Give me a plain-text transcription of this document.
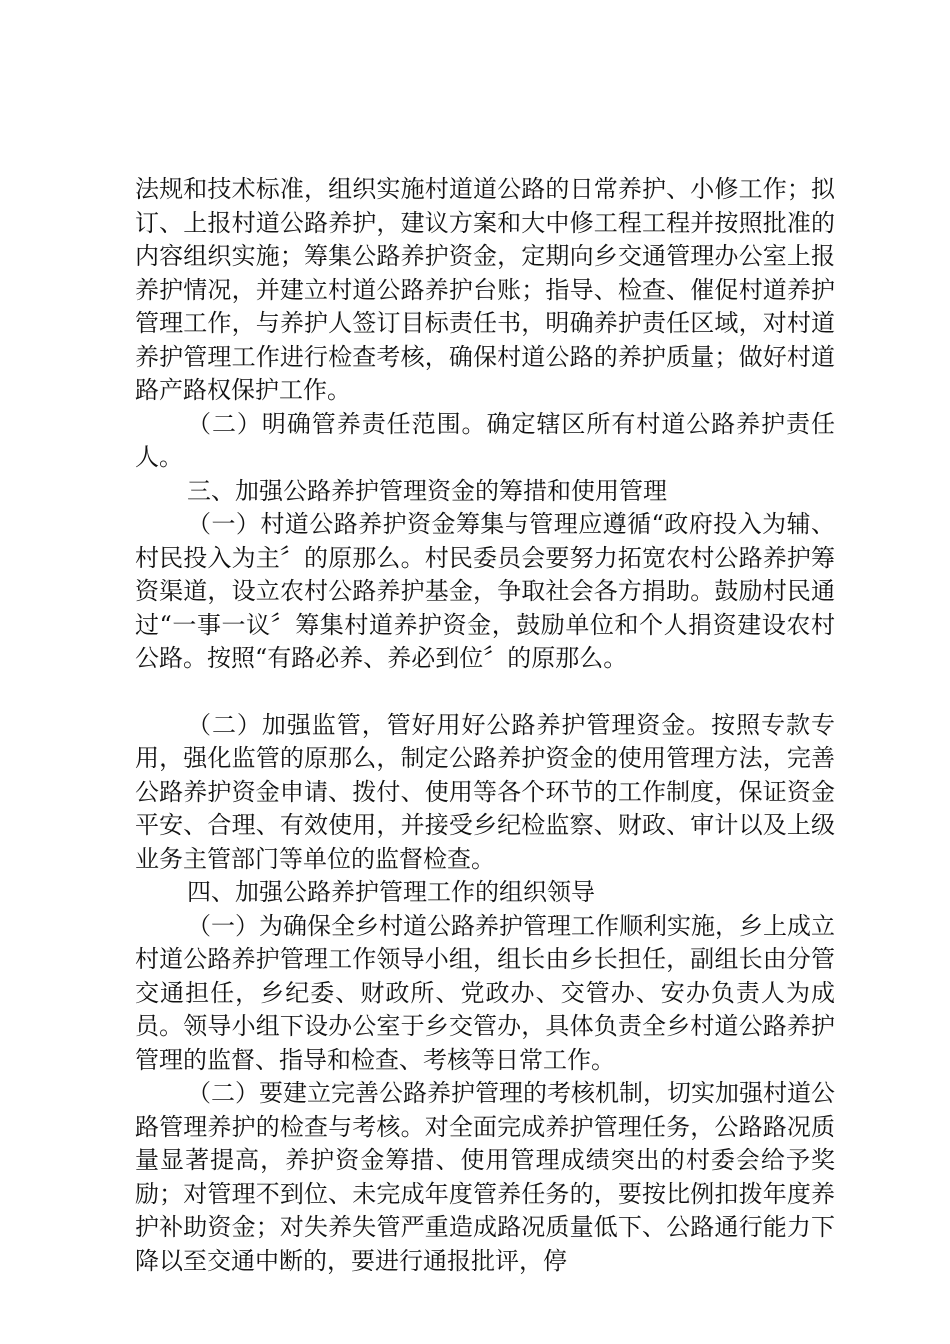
法规和技术标准，组织实施村道道公路的日常养护、小修工作；拟订、上报村道公路养护，建议方案和大中修工程工程并按照批准的内容组织实施；筹集公路养护资金，定期向乡交通管理办公室上报养护情况，并建立村道公路养护台账；指导、检查、催促村道养护管理工作，与养护人签订目标责任书，明确养护责任区域，对村道养护管理工作进行检查考核，确保村道公路的养护质量；做好村道路产路权保护工作。

（二）明确管养责任范围。确定辖区所有村道公路养护责任人。

三、加强公路养护管理资金的筹措和使用管理

（一）村道公路养护资金筹集与管理应遵循“政府投入为辅、村民投入为主〞的原那么。村民委员会要努力拓宽农村公路养护筹资渠道，设立农村公路养护基金，争取社会各方捐助。鼓励村民通过“一事一议〞筹集村道养护资金，鼓励单位和个人捐资建设农村公路。按照“有路必养、养必到位〞的原那么。

（二）加强监管，管好用好公路养护管理资金。按照专款专用，强化监管的原那么，制定公路养护资金的使用管理方法，完善公路养护资金申请、拨付、使用等各个环节的工作制度，保证资金平安、合理、有效使用，并接受乡纪检监察、财政、审计以及上级业务主管部门等单位的监督检查。

四、加强公路养护管理工作的组织领导

（一）为确保全乡村道公路养护管理工作顺利实施，乡上成立村道公路养护管理工作领导小组，组长由乡长担任，副组长由分管交通担任，乡纪委、财政所、党政办、交管办、安办负责人为成员。领导小组下设办公室于乡交管办，具体负责全乡村道公路养护管理的监督、指导和检查、考核等日常工作。

（二）要建立完善公路养护管理的考核机制，切实加强村道公路管理养护的检查与考核。对全面完成养护管理任务，公路路况质量显著提高，养护资金筹措、使用管理成绩突出的村委会给予奖励；对管理不到位、未完成年度管养任务的，要按比例扣拨年度养护补助资金；对失养失管严重造成路况质量低下、公路通行能力下降以至交通中断的，要进行通报批评，停
